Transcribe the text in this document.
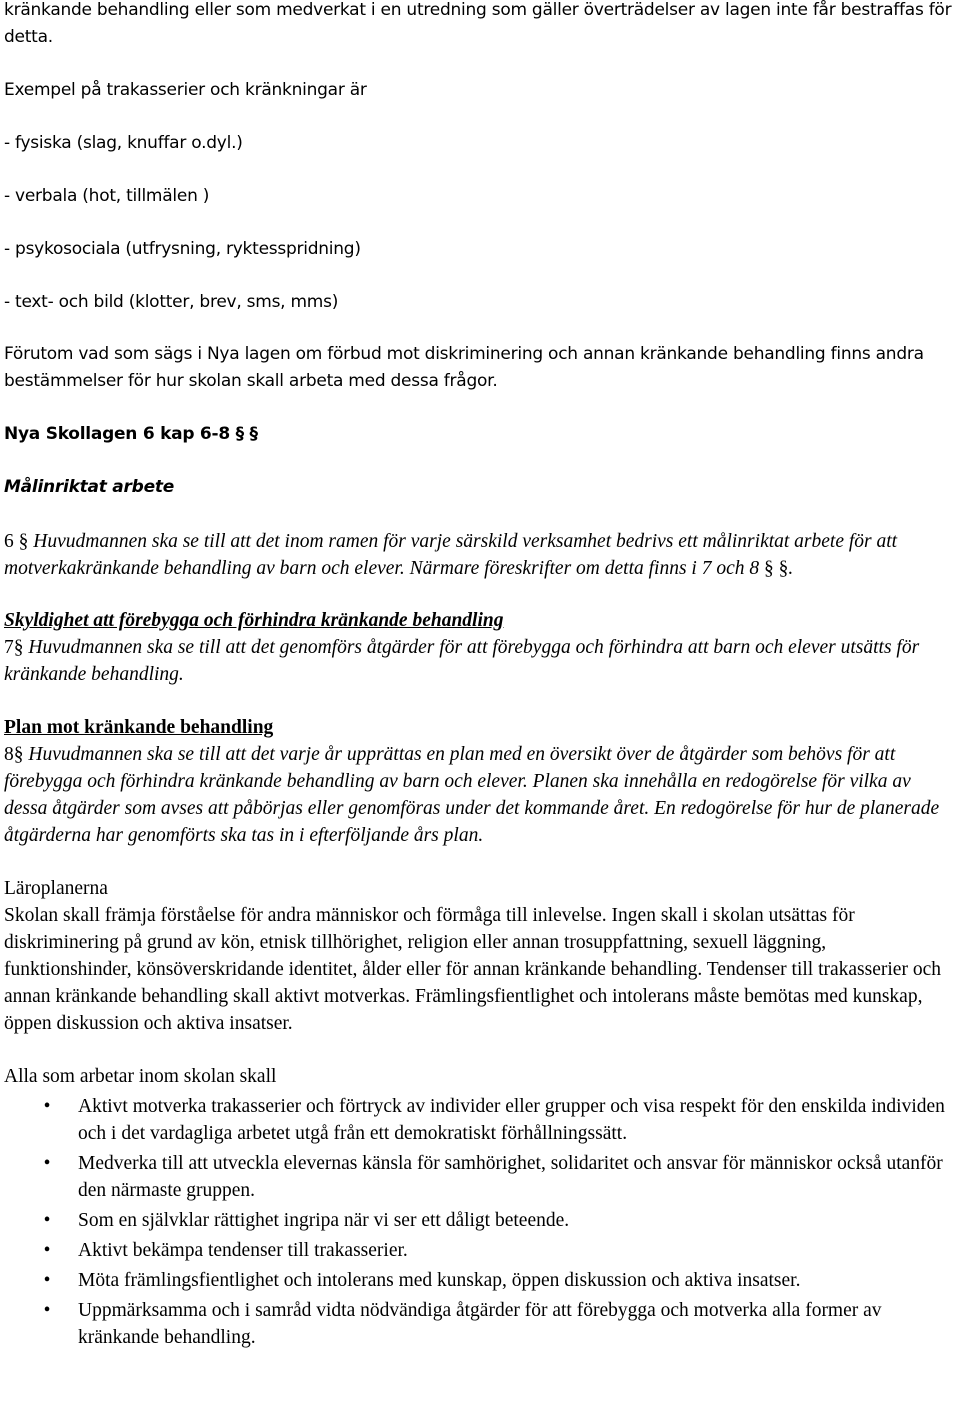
kränkande behandling eller som medverkat i en utredning som gäller överträdelser av lagen inte får bestraffas för detta.

Exempel på trakasserier och kränkningar är

- fysiska (slag, knuffar o.dyl.)

- verbala (hot, tillmälen )

- psykosociala (utfrysning, ryktesspridning)

- text- och bild (klotter, brev, sms, mms)

Förutom vad som sägs i Nya lagen om förbud mot diskriminering och annan kränkande behandling finns andra bestämmelser för hur skolan skall arbeta med dessa frågor.

Nya Skollagen 6 kap 6-8 § §

Målinriktat arbete

6 § Huvudmannen ska se till att det inom ramen för varje särskild verksamhet bedrivs ett målinriktat arbete för att motverkakränkande behandling av barn och elever. Närmare föreskrifter om detta finns i 7 och 8 § §.

Skyldighet att förebygga och förhindra kränkande behandling

7§ Huvudmannen ska se till att det genomförs åtgärder för att förebygga och förhindra att barn och elever utsätts för kränkande behandling.

Plan mot kränkande behandling

8§ Huvudmannen ska se till att det varje år upprättas en plan med en översikt över de åtgärder som behövs för att förebygga och förhindra kränkande behandling av barn och elever. Planen ska innehålla en redogörelse för vilka av dessa åtgärder som avses att påbörjas eller genomföras under det kommande året. En redogörelse för hur de planerade åtgärderna har genomförts ska tas in i efterföljande års plan.

Läroplanerna

Skolan skall främja förståelse för andra människor och förmåga till inlevelse. Ingen skall i skolan utsättas för diskriminering på grund av kön, etnisk tillhörighet, religion eller annan trosuppfattning, sexuell läggning, funktionshinder, könsöverskridande identitet, ålder eller för annan kränkande behandling. Tendenser till trakasserier och annan kränkande behandling skall aktivt motverkas. Främlingsfientlighet och intolerans måste bemötas med kunskap, öppen diskussion och aktiva insatser.

Alla som arbetar inom skolan skall

• Aktivt motverka trakasserier och förtryck av individer eller grupper och visa respekt för den enskilda individen och i det vardagliga arbetet utgå från ett demokratiskt förhållningssätt.
• Medverka till att utveckla elevernas känsla för samhörighet, solidaritet och ansvar för människor också utanför den närmaste gruppen.
• Som en självklar rättighet ingripa när vi ser ett dåligt beteende.
• Aktivt bekämpa tendenser till trakasserier.
• Möta främlingsfientlighet och intolerans med kunskap, öppen diskussion och aktiva insatser.
• Uppmärksamma och i samråd vidta nödvändiga åtgärder för att förebygga och motverka alla former av kränkande behandling.
